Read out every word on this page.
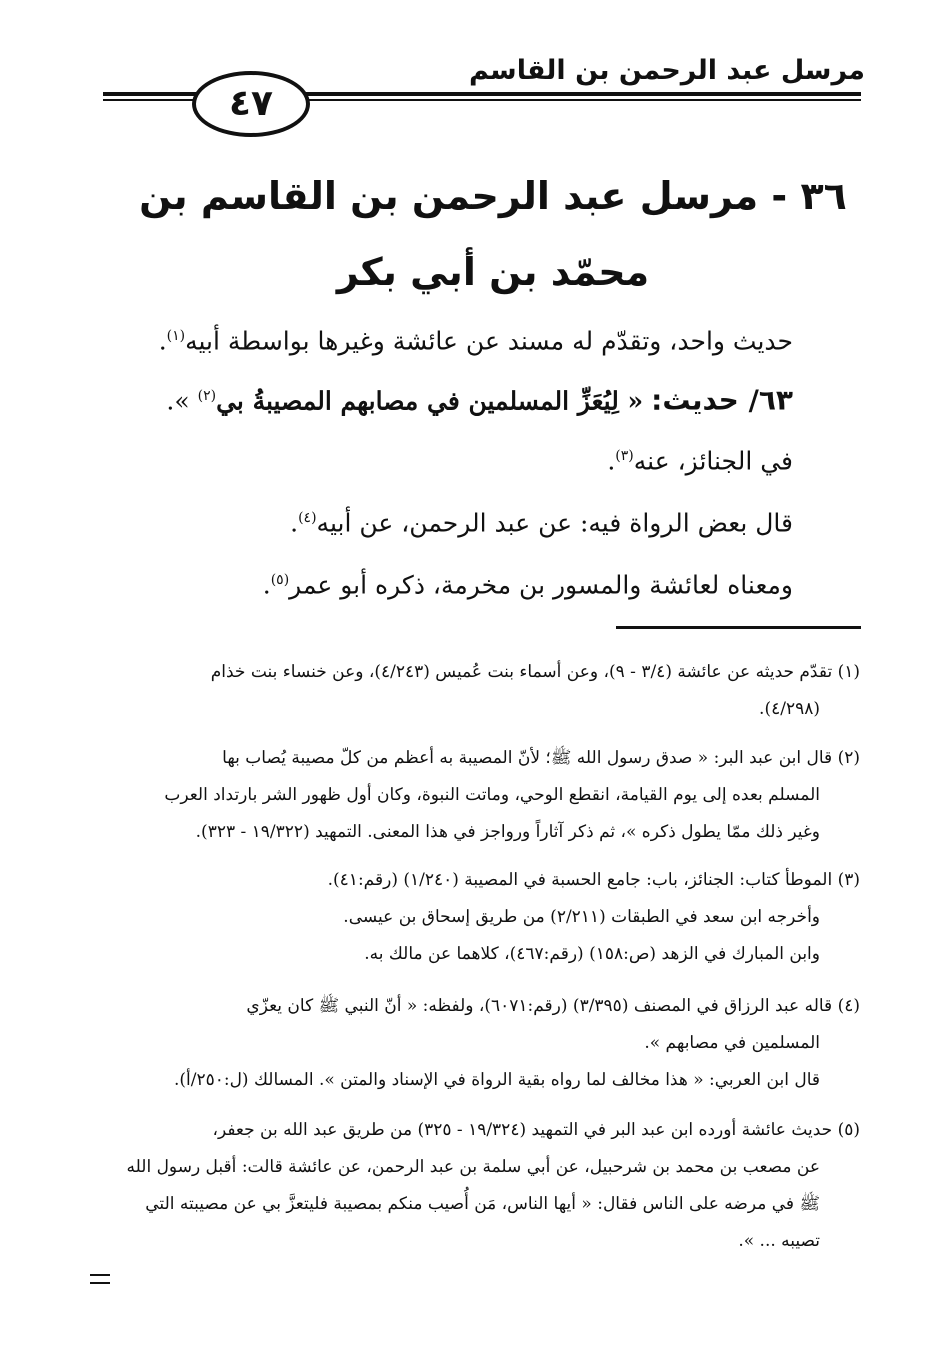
مرسل عبد الرحمن بن القاسم
٤٧
٣٦ - مرسل عبد الرحمن بن القاسم بن محمّد بن أبي بكر
حديث واحد، وتقدّم له مسند عن عائشة وغيرها بواسطة أبيه$^{(١)}$.
٦٣/ حديث: « لِيُعَزِّ المسلمين في مصابهم المصيبةُ بي$^{(٢)}$ ».
في الجنائز، عنه$^{(٣)}$.
قال بعض الرواة فيه: عن عبد الرحمن، عن أبيه$^{(٤)}$.
ومعناه لعائشة والمسور بن مخرمة، ذكره أبو عمر$^{(٥)}$.
(١) تقدّم حديثه عن عائشة (٣/٤ - ٩)، وعن أسماء بنت عُميس (٤/٢٤٣)، وعن خنساء بنت خذام
(٤/٢٩٨).
(٢) قال ابن عبد البر: « صدق رسول الله ﷺ؛ لأنّ المصيبة به أعظم من كلّ مصيبة يُصاب بها
المسلم بعده إلى يوم القيامة، انقطع الوحي، وماتت النبوة، وكان أول ظهور الشر بارتداد العرب
وغير ذلك ممّا يطول ذكره »، ثم ذكر آثاراً ورواجز في هذا المعنى. التمهيد (١٩/٣٢٢ - ٣٢٣).
(٣) الموطأ كتاب: الجنائز، باب: جامع الحسبة في المصيبة (١/٢٤٠) (رقم:٤١).
وأخرجه ابن سعد في الطبقات (٢/٢١١) من طريق إسحاق بن عيسى.
وابن المبارك في الزهد (ص:١٥٨) (رقم:٤٦٧)، كلاهما عن مالك به.
(٤) قاله عبد الرزاق في المصنف (٣/٣٩٥) (رقم:٦٠٧١)، ولفظه: « أنّ النبي ﷺ كان يعزّي
المسلمين في مصابهم ».
قال ابن العربي: « هذا مخالف لما رواه بقية الرواة في الإسناد والمتن ». المسالك (ل:٢٥٠/أ).
(٥) حديث عائشة أورده ابن عبد البر في التمهيد (١٩/٣٢٤ - ٣٢٥) من طريق عبد الله بن جعفر،
عن مصعب بن محمد بن شرحبيل، عن أبي سلمة بن عبد الرحمن، عن عائشة قالت: أقبل رسول الله
ﷺ في مرضه على الناس فقال: « أيها الناس، مَن أُصيب منكم بمصيبة فليتعزَّ بي عن مصيبته التي
تصيبه ... ».
